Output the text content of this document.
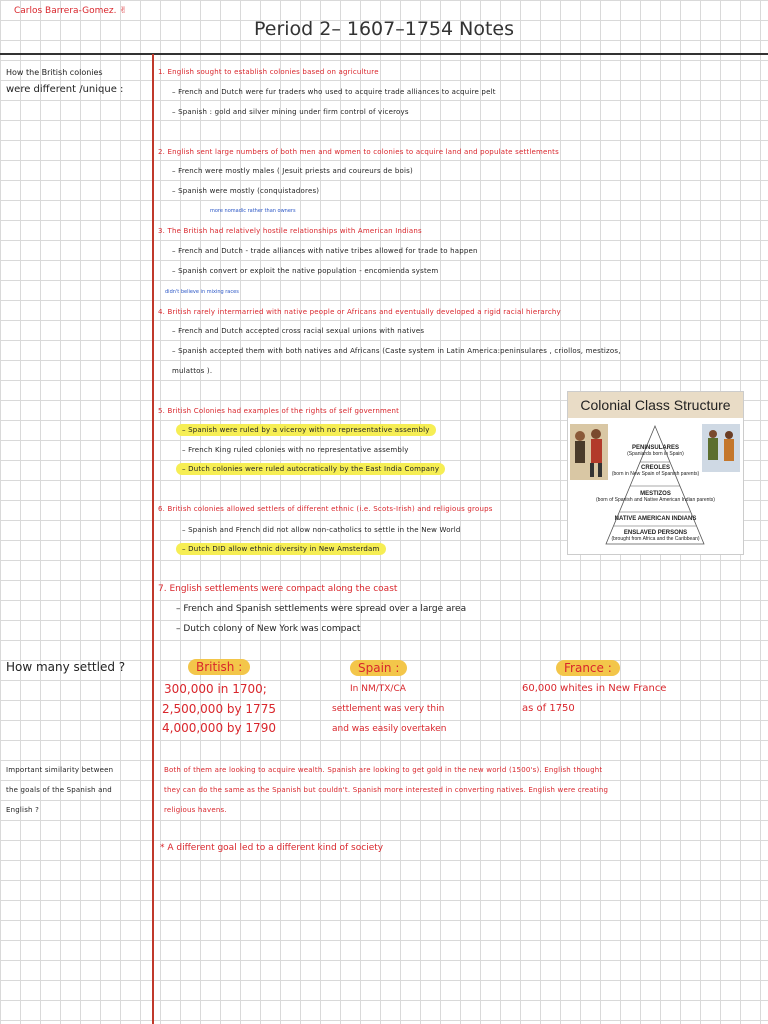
Carlos Barrera-Gomez. ✌
Period 2– 1607–1754 Notes
How the British colonies
were different /unique :
1. English sought to establish colonies based on agriculture
– French and Dutch were fur traders who used to acquire trade alliances to acquire pelt
– Spanish : gold and silver mining under firm control of viceroys
2. English sent large numbers of both men and women to colonies to acquire land and populate settlements
– French were mostly males ( Jesuit priests and coureurs de bois)
– Spanish were mostly (conquistadores)
more nomadic rather than owners
3. The British had relatively hostile relationships with American Indians
– French and Dutch - trade alliances with native tribes allowed for trade to happen
– Spanish convert or exploit the native population - encomienda system
didn't believe in mixing races
4. British rarely intermarried with native people or Africans and eventually developed a rigid racial hierarchy
– French and Dutch accepted cross racial sexual unions with natives
– Spanish accepted them with both natives and Africans (Caste system in Latin America:peninsulares , criollos, mestizos,
mulattos ).
5. British Colonies had examples of the rights of self government
– Spanish were ruled by a viceroy with no representative assembly
– French King ruled colonies with no representative assembly
– Dutch colonies were ruled autocratically by the East India Company
6. British colonies allowed settlers of different ethnic (i.e. Scots-Irish) and religious groups
– Spanish and French did not allow non-catholics to settle in the New World
– Dutch DID allow ethnic diversity in New Amsterdam
7. English settlements were compact along the coast
– French and Spanish settlements were spread over a large area
– Dutch colony of New York was compact
Colonial Class Structure
PENINSULARES
(Spaniards born in Spain)
CREOLES
(born in New Spain of Spanish parents)
MESTIZOS
(born of Spanish and Native American Indian parents)
NATIVE AMERICAN INDIANS
ENSLAVED PERSONS
(brought from Africa and the Caribbean)
How many settled ?	British :
300,000 in 1700;
2,500,000 by 1775
4,000,000 by 1790
Spain :
In NM/TX/CA
settlement was very thin
and was easily overtaken
France :
60,000 whites in New France
as of 1750
Important similarity between
the goals of the Spanish and
English ?
Both of them are looking to acquire wealth. Spanish are looking to get gold in the new world (1500's). English thought
they can do the same as the Spanish but couldn't. Spanish more interested in converting natives. English were creating
religious havens.
* A different goal led to a different kind of society
